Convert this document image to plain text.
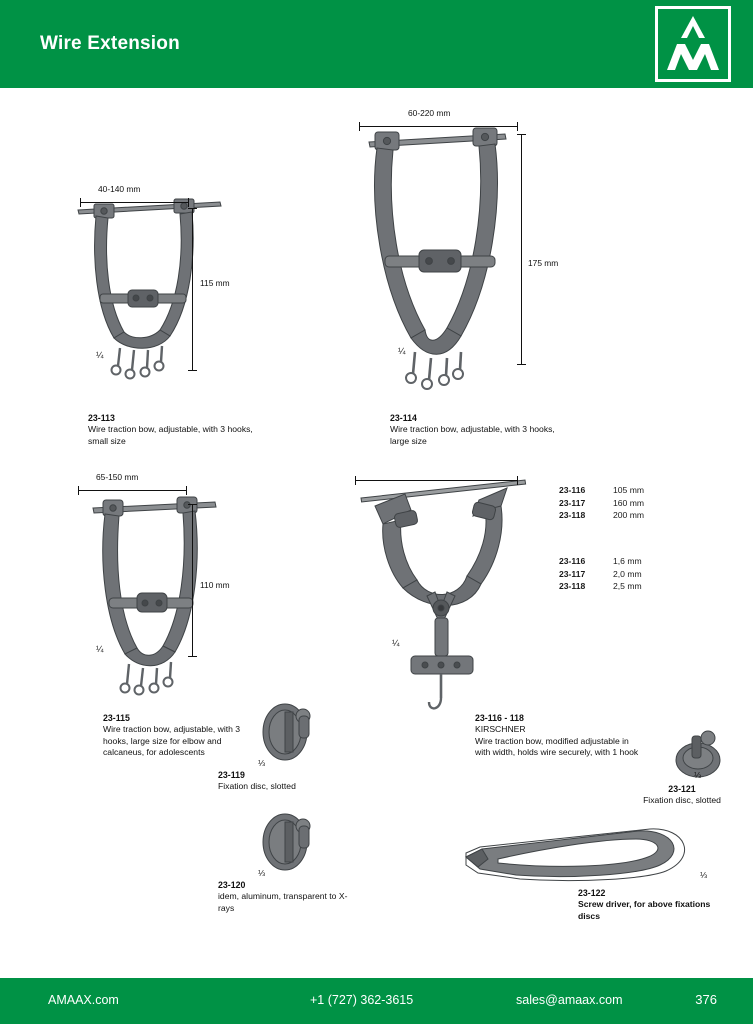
Wire Extension
40-140 mm
115 mm
¼
23-113
Wire traction bow, adjustable, with 3 hooks, small size
60-220 mm
175 mm
¼
23-114
Wire traction bow, adjustable, with 3 hooks, large size
65-150 mm
110 mm
¼
23-115
Wire traction bow, adjustable, with 3 hooks, large size for elbow and calcaneus, for adolescents
¼
23-116	105 mm
23-117	160 mm
23-118	200 mm
23-116	1,6 mm
23-117	2,0 mm
23-118	2,5 mm
23-116 - 118
KIRSCHNER
Wire traction bow, modified adjustable in with width, holds wire securely, with 1 hook
⅓
23-119
Fixation disc, slotted
⅓
23-120
idem, aluminum, transparent to X-rays
⅓
23-121
Fixation disc, slotted
⅓
23-122
Screw driver, for above fixations discs
AMAAX.com	+1 (727) 362-3615	sales@amaax.com	376
